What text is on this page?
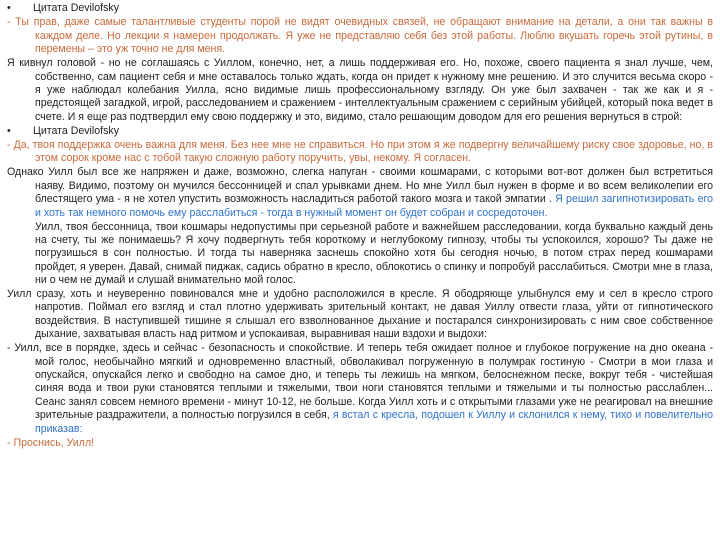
•	Цитата Devilofsky

- Ты прав, даже самые талантливые студенты порой не видят очевидных связей, не обращают внимание на детали, а они так важны в каждом деле. Но лекции я намерен продолжать. Я уже не представляю себя без этой работы. Люблю вкушать горечь этой рутины, в перемены – это уж точно не для меня.

Я кивнул головой - но не соглашаясь с Уиллом, конечно, нет, а лишь поддерживая его. Но, похоже, своего пациента я знал лучше, чем, собственно, сам пациент себя и мне оставалось только ждать, когда он придет к нужному мне решению. И это случится весьма скоро - я уже наблюдал колебания Уилла, ясно видимые лишь профессиональному взгляду. Он уже был захвачен - так же как и я - предстоящей загадкой, игрой, расследованием и сражением - интеллектуальным сражением с серийным убийцей, который пока ведет в счете. И я еще раз подтвердил ему свою поддержку и это, видимо, стало решающим доводом для его решения вернуться в строй:

•	Цитата Devilofsky

- Да, твоя поддержка очень важна для меня. Без нее мне не справиться. Но при этом я же подвергну величайшему риску свое здоровье, но, в этом сорок кроме нас с тобой такую сложную работу поручить, увы, некому. Я согласен.

Однако Уилл был все же напряжен и даже, возможно, слегка напуган - своими кошмарами, с которыми вот-вот должен был встретиться наяву. Видимо, поэтому он мучился бессонницей и спал урывками днем. Но мне Уилл был нужен в форме и во всем великолепии его блестящего ума - я не хотел упустить возможность насладиться работой такого мозга и такой эмпатии . Я решил загипнотизировать его и хоть так немного помочь ему расслабиться - тогда в нужный момент он будет собран и сосредоточен.

Уилл, твоя бессонница, твои кошмары недопустимы при серьезной работе и важнейшем расследовании, когда буквально каждый день на счету, ты же понимаешь? Я хочу подвергнуть тебя короткому и неглубокому гипнозу, чтобы ты успокоился, хорошо? Ты даже не погрузишься в сон полностью. И тогда ты наверняка заснешь спокойно хотя бы сегодня ночью, в потом страх перед кошмарами пройдет, я уверен. Давай, снимай пиджак, садись обратно в кресло, облокотись о спинку и попробуй расслабиться. Смотри мне в глаза, ни о чем не думай и слушай внимательно мой голос.

Уилл сразу, хоть и неуверенно повиновался мне и удобно расположился в кресле. Я ободряюще улыбнулся ему и сел в кресло строго напротив. Поймал его взгляд и стал плотно удерживать зрительный контакт, не давая Уиллу отвести глаза, уйти от гипнотического воздействия. В наступившей тишине я слышал его взволнованное дыхание и постарался синхронизировать с ним свое собственное дыхание, захватывая власть над ритмом и успокаивая, выравнивая наши вздохи и выдохи:

- Уилл, все в порядке, здесь и сейчас - безопасность и спокойствие. И теперь тебя ожидает полное и глубокое погружение на дно океана - мой голос, необычайно мягкий и одновременно властный, обволакивал погруженную в полумрак гостиную - Смотри в мои глаза и опускайся, опускайся легко и свободно на самое дно, и теперь ты лежишь на мягком, белоснежном песке, вокруг тебя - чистейшая синяя вода и твои руки становятся теплыми и тяжелыми, твои ноги становятся теплыми и тяжелыми и ты полностью расслаблен... Сеанс занял совсем немного времени - минут 10-12, не больше. Когда Уилл хоть и с открытыми глазами уже не реагировал на внешние зрительные раздражители, а полностью погрузился в себя, я встал с кресла, подошел к Уиллу и склонился к нему, тихо и повелительно приказав:

- Проснись, Уилл!
